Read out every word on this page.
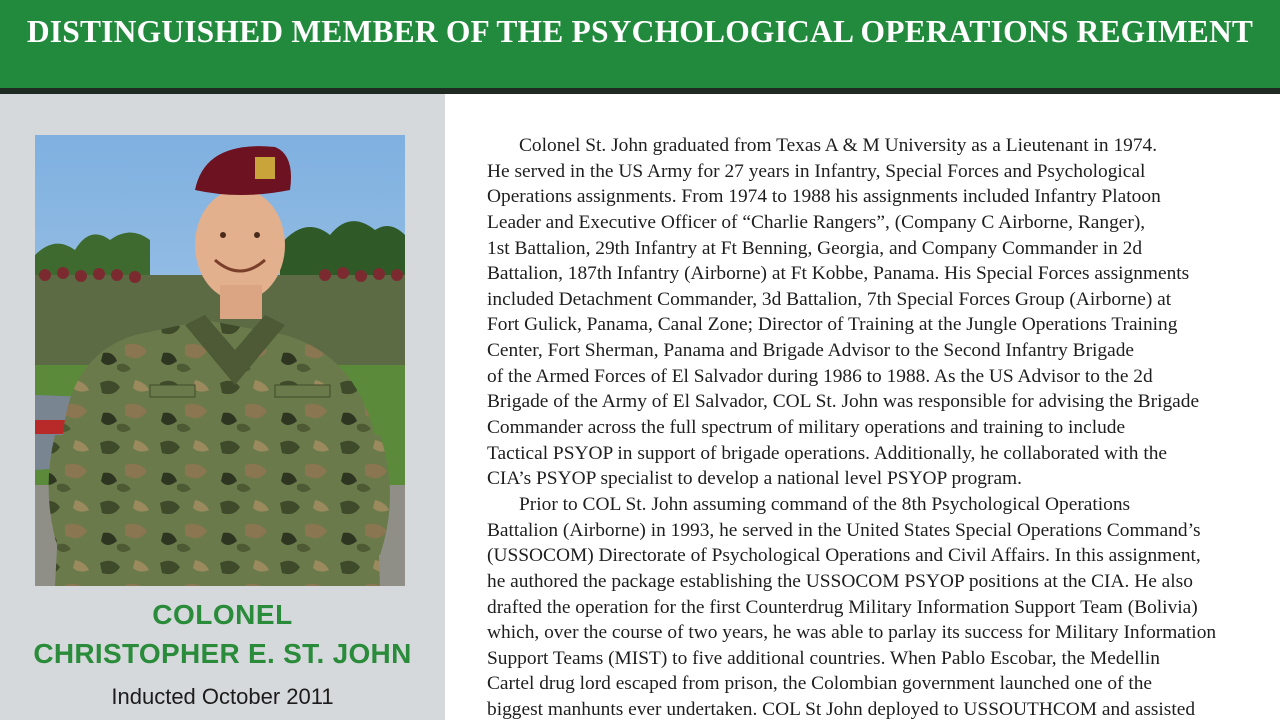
DISTINGUISHED MEMBER OF THE PSYCHOLOGICAL OPERATIONS REGIMENT
COLONEL
CHRISTOPHER E. ST. JOHN
Inducted October 2011
Colonel St. John graduated from Texas A & M University as a Lieutenant in 1974.
He served in the US Army for 27 years in Infantry, Special Forces and Psychological
Operations assignments. From 1974 to 1988 his assignments included Infantry Platoon
Leader and Executive Officer of “Charlie Rangers”, (Company C Airborne, Ranger),
1st Battalion, 29th Infantry at Ft Benning, Georgia, and Company Commander in 2d
Battalion, 187th Infantry (Airborne) at Ft Kobbe, Panama. His Special Forces assignments
included Detachment Commander, 3d Battalion, 7th Special Forces Group (Airborne) at
Fort Gulick, Panama, Canal Zone; Director of Training at the Jungle Operations Training
Center, Fort Sherman, Panama and Brigade Advisor to the Second Infantry Brigade
of the Armed Forces of El Salvador during 1986 to 1988. As the US Advisor to the 2d
Brigade of the Army of El Salvador, COL St. John was responsible for advising the Brigade
Commander across the full spectrum of military operations and training to include
Tactical PSYOP in support of brigade operations. Additionally, he collaborated with the
CIA’s PSYOP specialist to develop a national level PSYOP program.
Prior to COL St. John assuming command of the 8th Psychological Operations
Battalion (Airborne) in 1993, he served in the United States Special Operations Command’s
(USSOCOM) Directorate of Psychological Operations and Civil Affairs. In this assignment,
he authored the package establishing the USSOCOM PSYOP positions at the CIA. He also
drafted the operation for the first Counterdrug Military Information Support Team (Bolivia)
which, over the course of two years, he was able to parlay its success for Military Information
Support Teams (MIST) to five additional countries. When Pablo Escobar, the Medellin
Cartel drug lord escaped from prison, the Colombian government launched one of the
biggest manhunts ever undertaken. COL St John deployed to USSOUTHCOM and assisted
